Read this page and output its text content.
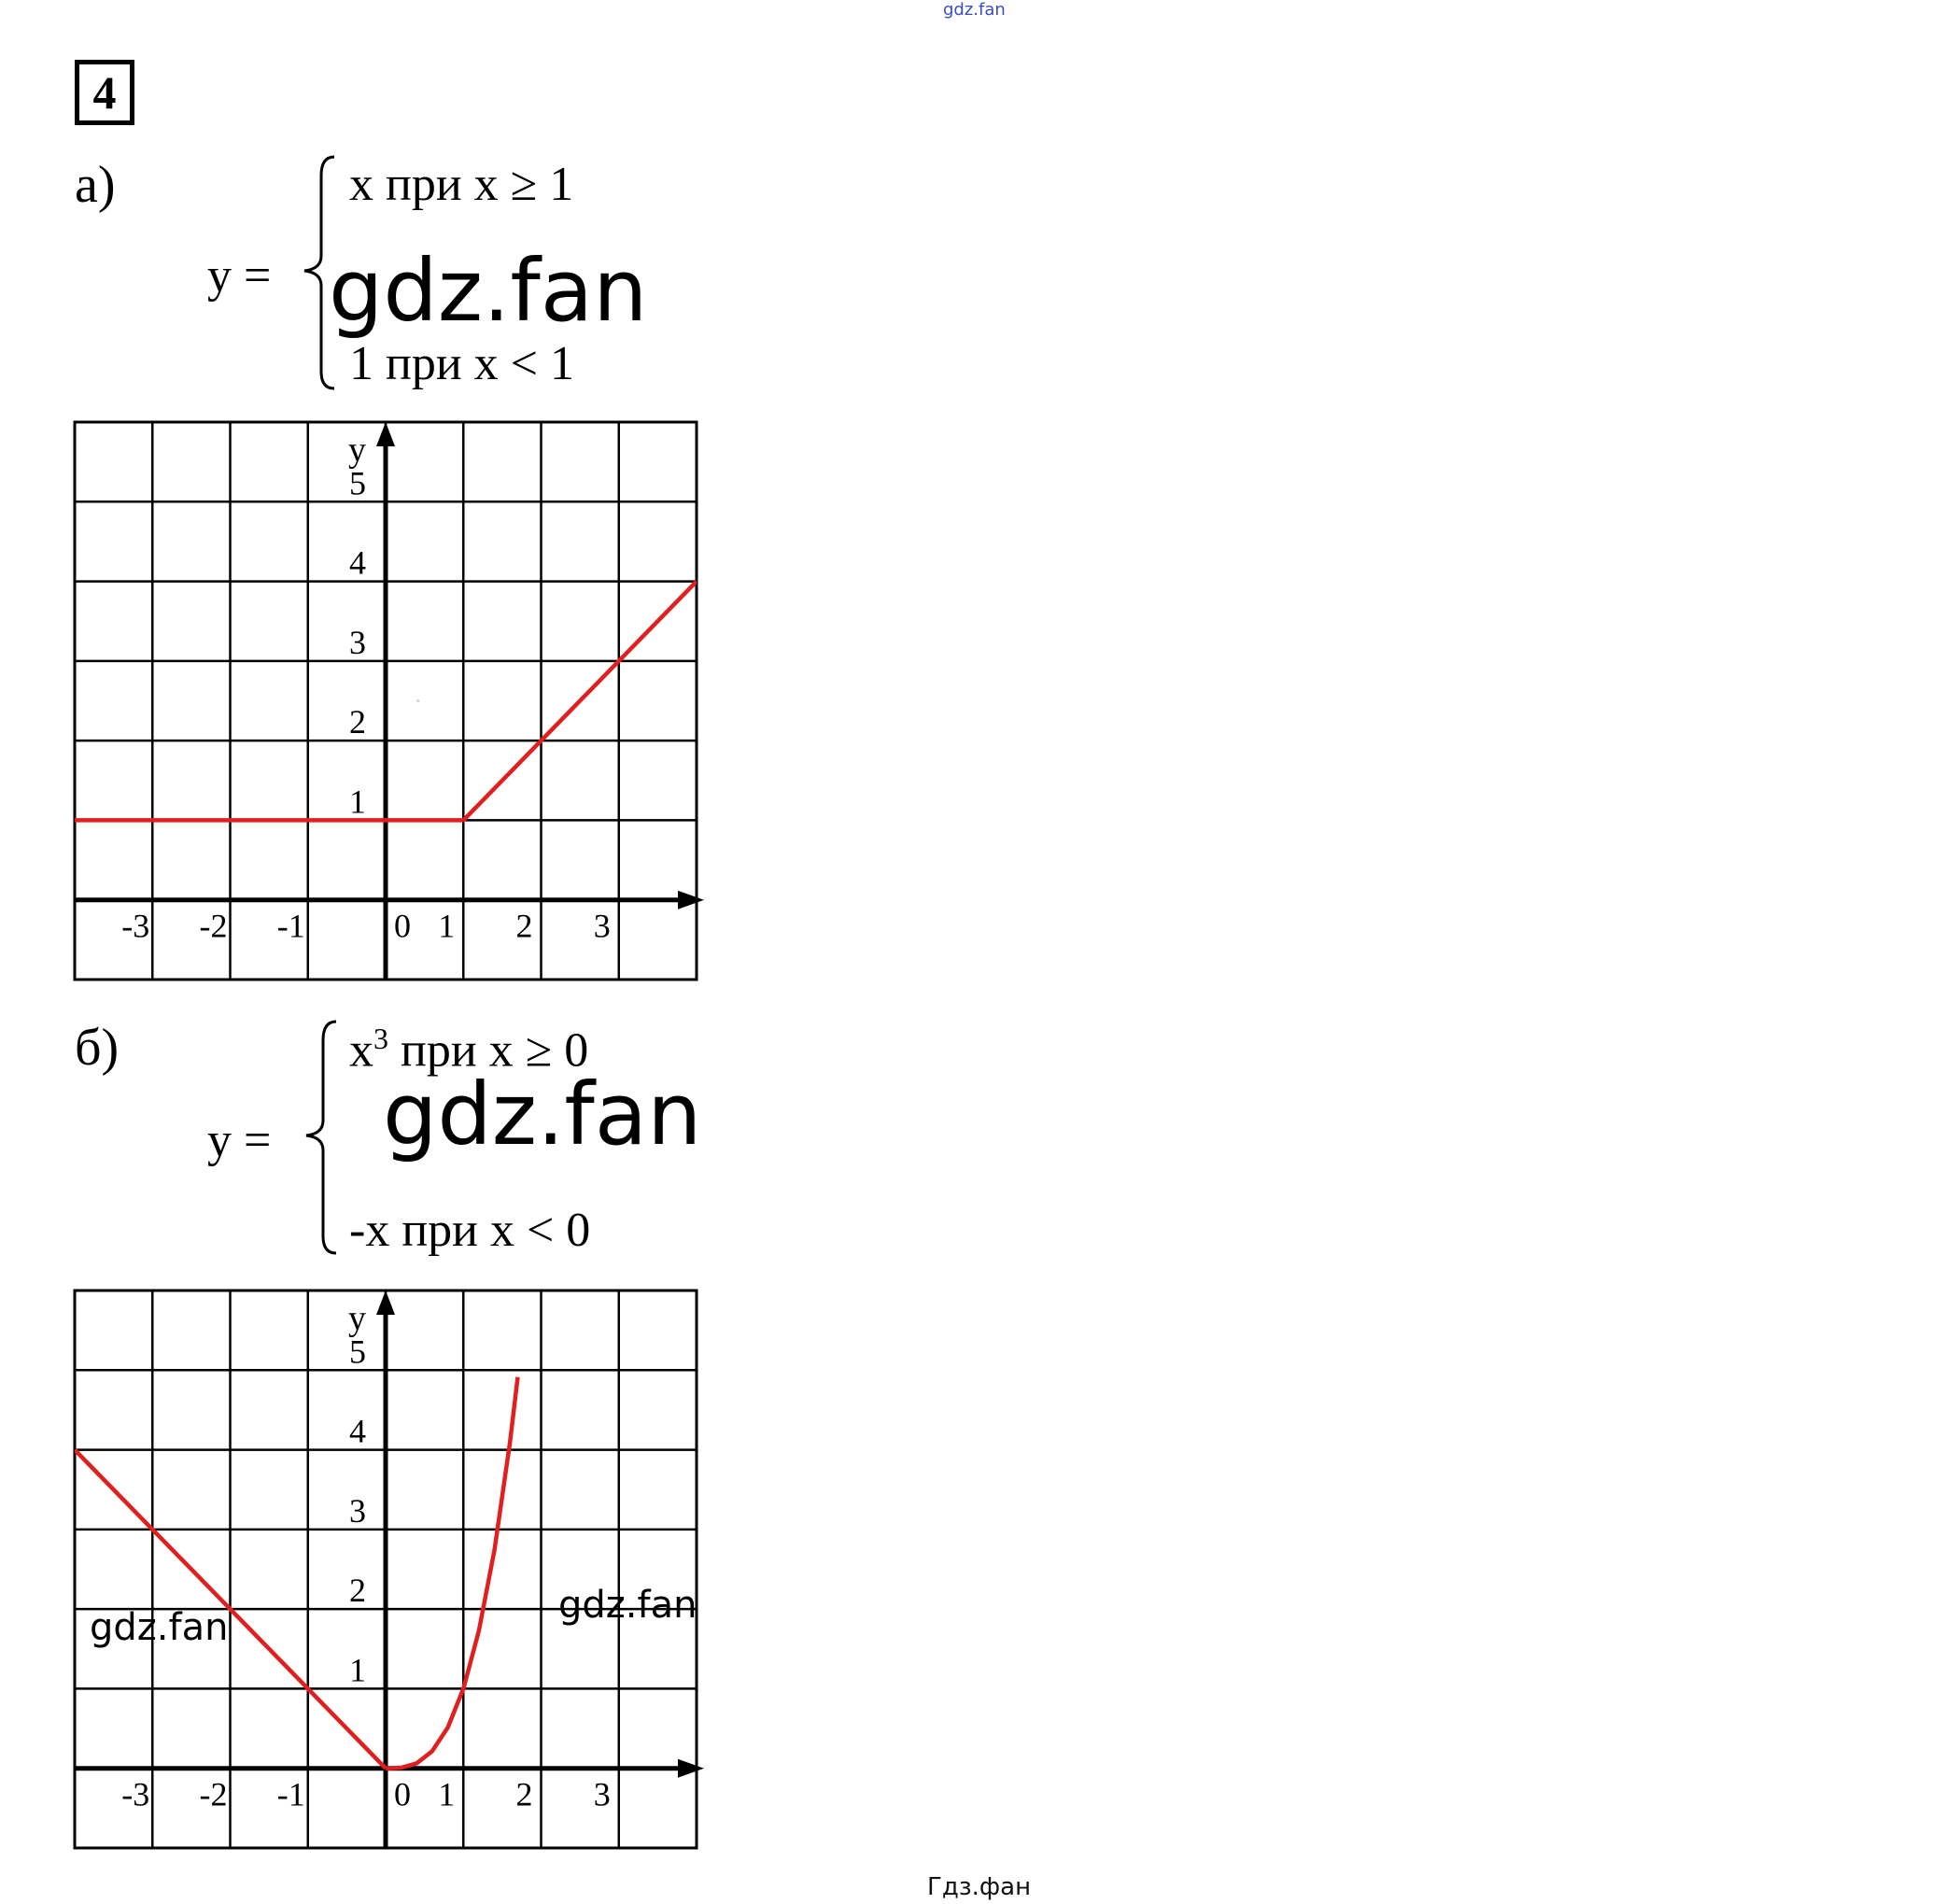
gdz.fan
Гдз.фан
4
а)
y =
x при x ≥ 1
gdz.fan
1 при x < 1
y
-3 -2 -1	0 1 2 3
1
2
3
4
5
.
б)
y =
$x^3$ при x ≥ 0
gdz.fan
-x при x < 0
y
-3 -2 -1	0 1 2 3
1
2
3
4
5
gdz.fan
gdz.fan
